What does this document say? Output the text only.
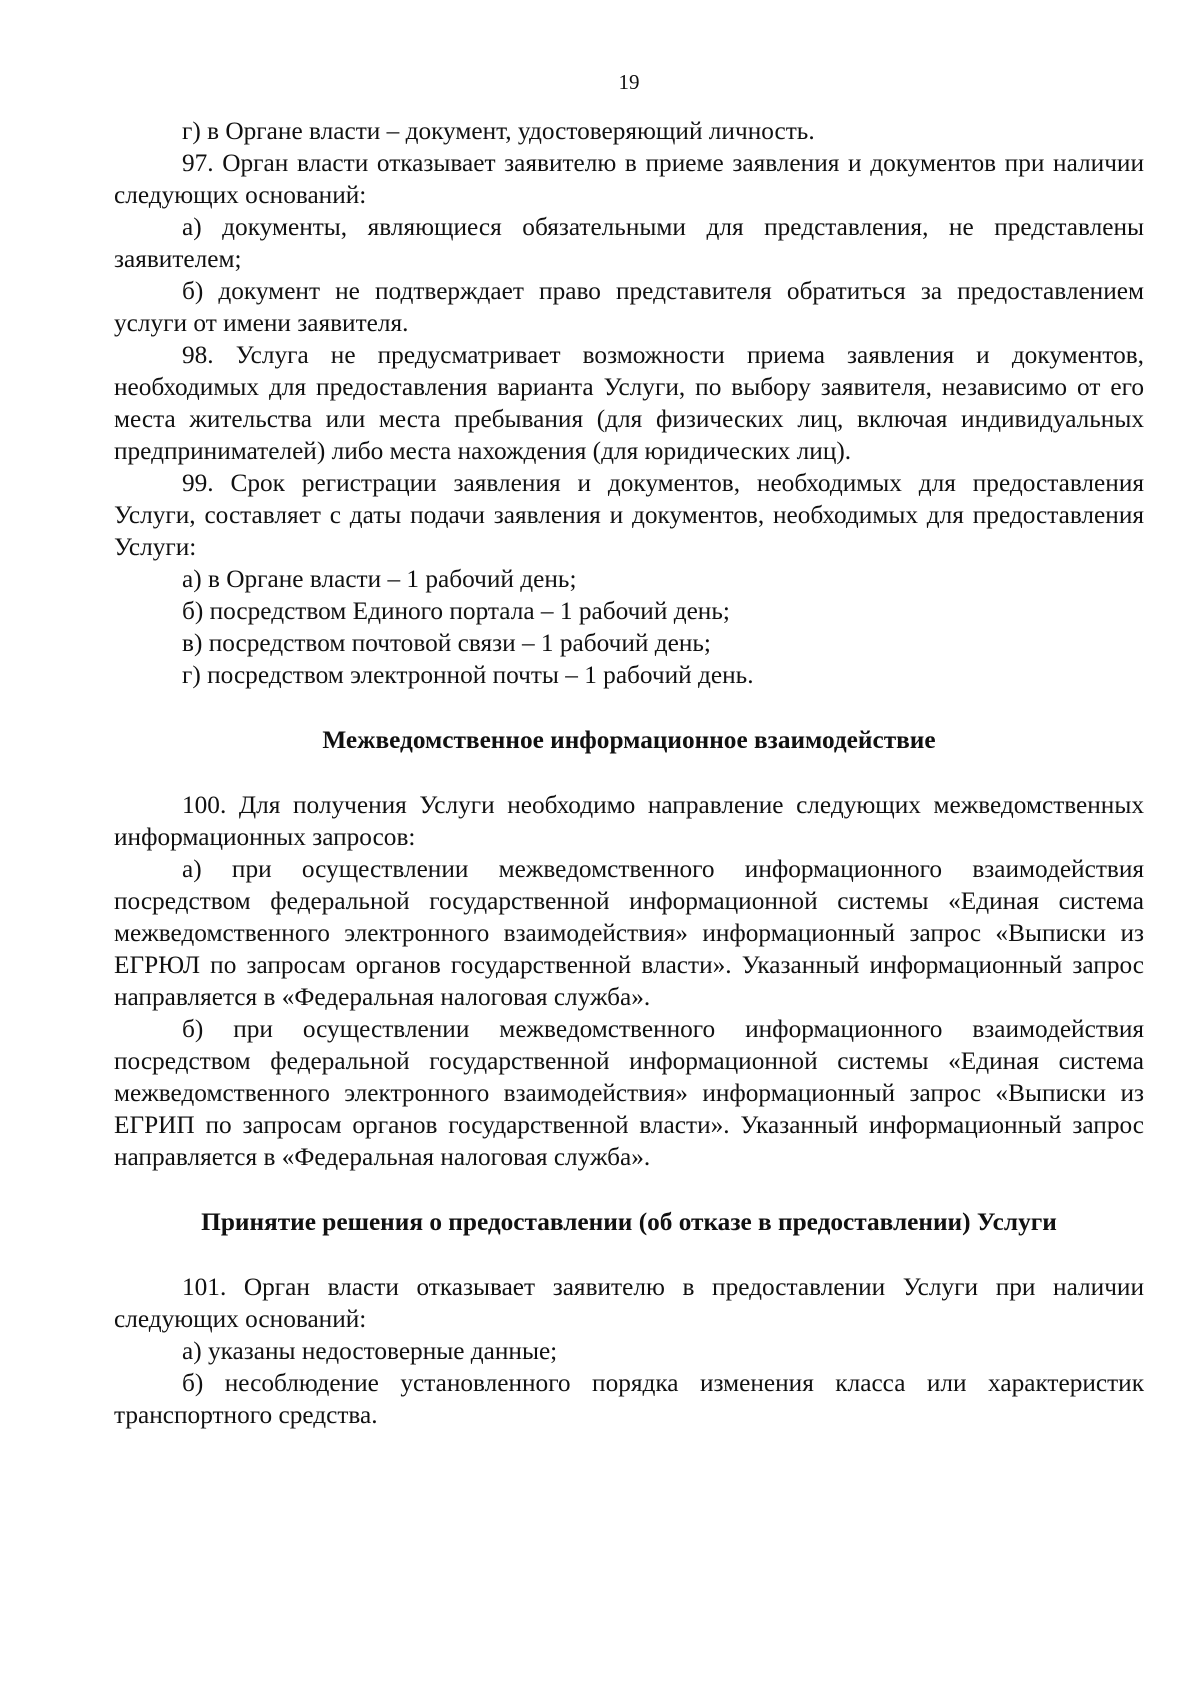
19

г) в Органе власти – документ, удостоверяющий личность.

97. Орган власти отказывает заявителю в приеме заявления и документов при наличии следующих оснований:

а) документы, являющиеся обязательными для представления, не представлены заявителем;

б) документ не подтверждает право представителя обратиться за предоставлением услуги от имени заявителя.

98. Услуга не предусматривает возможности приема заявления и документов, необходимых для предоставления варианта Услуги, по выбору заявителя, независимо от его места жительства или места пребывания (для физических лиц, включая индивидуальных предпринимателей) либо места нахождения (для юридических лиц).

99. Срок регистрации заявления и документов, необходимых для предоставления Услуги, составляет с даты подачи заявления и документов, необходимых для предоставления Услуги:

а) в Органе власти – 1 рабочий день;

б) посредством Единого портала – 1 рабочий день;

в) посредством почтовой связи – 1 рабочий день;

г) посредством электронной почты – 1 рабочий день.

Межведомственное информационное взаимодействие

100. Для получения Услуги необходимо направление следующих межведомственных информационных запросов:

а) при осуществлении межведомственного информационного взаимодействия посредством федеральной государственной информационной системы «Единая система межведомственного электронного взаимодействия» информационный запрос «Выписки из ЕГРЮЛ по запросам органов государственной власти». Указанный информационный запрос направляется в «Федеральная налоговая служба».

б) при осуществлении межведомственного информационного взаимодействия посредством федеральной государственной информационной системы «Единая система межведомственного электронного взаимодействия» информационный запрос «Выписки из ЕГРИП по запросам органов государственной власти». Указанный информационный запрос направляется в «Федеральная налоговая служба».

Принятие решения о предоставлении (об отказе в предоставлении) Услуги

101. Орган власти отказывает заявителю в предоставлении Услуги при наличии следующих оснований:

а) указаны недостоверные данные;

б) несоблюдение установленного порядка изменения класса или характеристик транспортного средства.
